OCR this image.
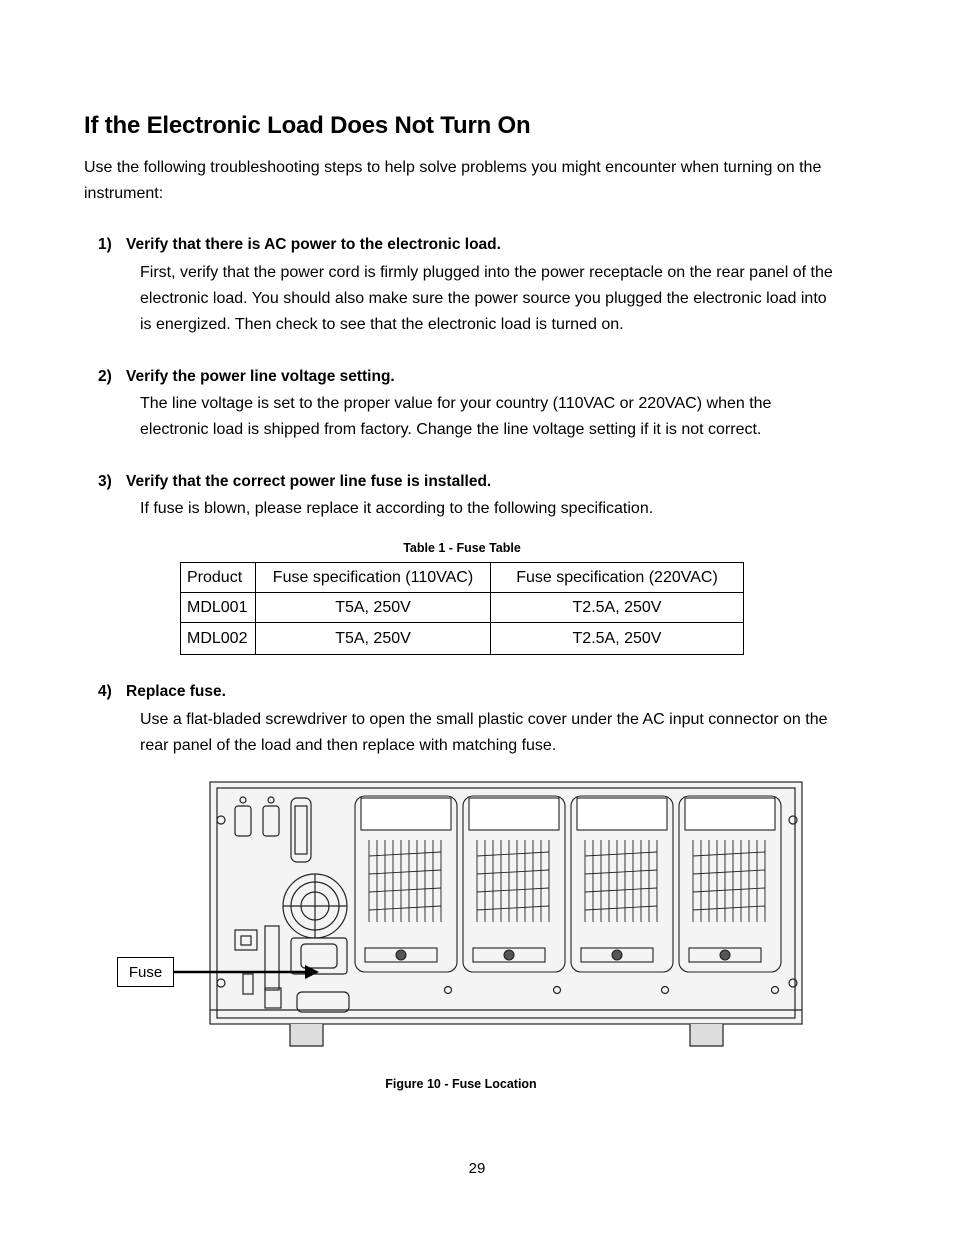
If the Electronic Load Does Not Turn On
Use the following troubleshooting steps to help solve problems you might encounter when turning on the instrument:
1) Verify that there is AC power to the electronic load.
First, verify that the power cord is firmly plugged into the power receptacle on the rear panel of the electronic load. You should also make sure the power source you plugged the electronic load into is energized. Then check to see that the electronic load is turned on.
2) Verify the power line voltage setting.
The line voltage is set to the proper value for your country (110VAC or 220VAC) when the electronic load is shipped from factory. Change the line voltage setting if it is not correct.
3) Verify that the correct power line fuse is installed.
If fuse is blown, please replace it according to the following specification.
Table 1 - Fuse Table
Product	Fuse specification (110VAC)	Fuse specification (220VAC)
MDL001	T5A, 250V	T2.5A, 250V
MDL002	T5A, 250V	T2.5A, 250V
4) Replace fuse.
Use a flat-bladed screwdriver to open the small plastic cover under the AC input connector on the rear panel of the load and then replace with matching fuse.
Fuse
Figure 10 - Fuse Location
29
